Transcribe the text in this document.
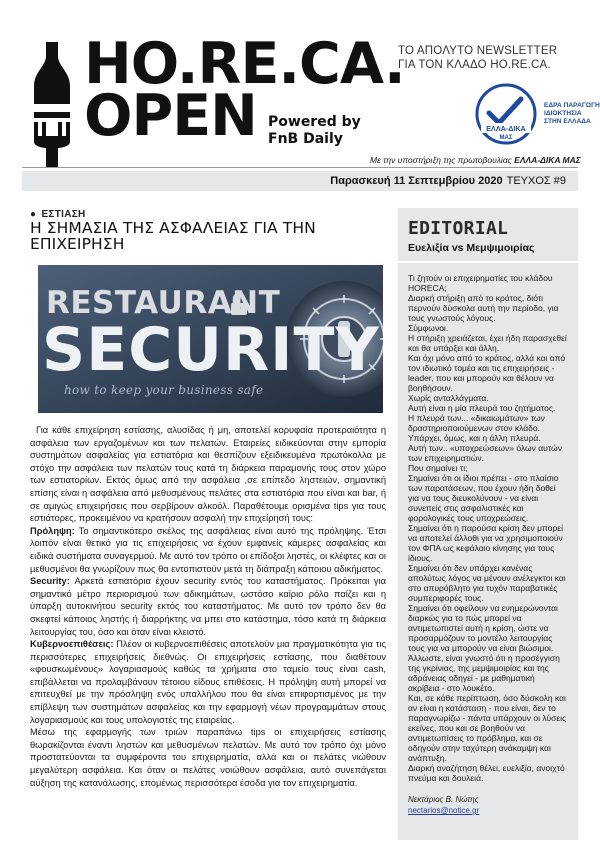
HO.RE.CA.
OPEN Powered by
FnB Daily
ΤΟ ΑΠΟΛΥΤΟ NEWSLETTER
ΓΙΑ ΤΟΝ ΚΛΑΔΟ HO.RE.CA.
ΕΛΛΑ-ΔΙΚΑ
ΜΑΣ
ΕΔΡΑ ΠΑΡΑΓΩΓΗ ΙΔΙΟΚΤΗΣΙΑ ΣΤΗΝ ΕΛΛΑΔΑ
Με την υποστήριξη της πρωτοβουλίας ΕΛΛΑ-ΔΙΚΑ ΜΑΣ
Παρασκευή 11 Σεπτεμβρίου 2020 ΤΕΥΧΟΣ #9
● ΕΣΤΙΑΣΗ
Η ΣΗΜΑΣΙΑ ΤΗΣ ΑΣΦΑΛΕΙΑΣ ΓΙΑ ΤΗΝ ΕΠΙΧΕΙΡΗΣΗ
RESTAURANT
SECURITY
how to keep your business safe

Για κάθε επιχείρηση εστίασης, αλυσίδας ή μη, αποτελεί κορυφαία προτεραιότητα η ασφάλεια των εργαζομένων και των πελατών. Εταιρείες ειδικεύονται στην εμπορία συστημάτων ασφαλείας για εστιατόρια και θεσπίζουν εξειδικευμένα πρωτόκολλα με στόχο την ασφάλεια των πελατών τους κατά τη διάρκεια παραμονής τους στον χώρο των εστιατορίων. Εκτός όμως από την ασφάλεια ,σε επίπεδο ληστειών, σημαντική επίσης είναι η ασφάλεια από μεθυσμένους πελάτες στα εστιατόρια που είναι και bar, ή σε αμιγώς επιχειρήσεις που σερβίρουν αλκοόλ. Παραθέτουμε ορισμένα tips για τους εστιάτορες, προκειμένου να κρατήσουν ασφαλή την επιχείρησή τους:

Πρόληψη: Το σημαντικότερο σκέλος της ασφάλειας είναι αυτό της πρόληψης. Έτσι λοιπόν είναι θετικό για τις επιχειρήσεις να έχουν εμφανείς κάμερες ασφαλείας και ειδικά συστήματα συναγερμού. Με αυτό τον τρόπο οι επίδοξοι ληστές, οι κλέφτες και οι μεθυσμένοι θα γνωρίζουν πως θα εντοπιστούν μετά τη διάπραξη κάποιου αδικήματος.

Security: Αρκετά εστιατόρια έχουν security εντός του καταστήματος. Πρόκειται για σημαντικό μέτρο περιορισμού των αδικημάτων, ωστόσο καίριο ρόλο παίζει και η ύπαρξη αυτοκινήτου security εκτός του καταστήματος. Με αυτό τον τρόπο δεν θα σκεφτεί κάποιος ληστής ή διαρρήκτης να μπει στο κατάστημα, τόσο κατά τη διάρκεια λειτουργίας του, όσο και όταν είναι κλειστό.

Κυβερνοεπιθέσεις: Πλέον οι κυβερνοεπιθέσεις αποτελούν μια πραγματικότητα για τις περισσότερες επιχειρήσεις διεθνώς. Οι επιχειρήσεις εστίασης, που διαθέτουν «φουσκωμένους» λογαριασμούς καθώς τα χρήματα στο ταμείο τους είναι cash, επιβάλλεται να προλαμβάνουν τέτοιου είδους επιθέσεις. Η πρόληψη αυτή μπορεί να επιτευχθεί με την πρόσληψη ενός υπαλλήλου που θα είναι επιφορτισμένος με την επίβλεψη των συστημάτων ασφαλείας και την εφαρμογή νέων προγραμμάτων στους λογαριασμούς και τους υπολογιστές της εταιρείας.

Μέσω της εφαρμογής των τριών παραπάνω tips οι επιχειρήσεις εστίασης θωρακίζονται έναντι ληστών και μεθυσμένων πελατών. Με αυτό τον τρόπο όχι μόνο προστατεύονται τα συμφέροντα του επιχειρηματία, αλλά και οι πελάτες νιώθουν μεγαλύτερη ασφάλεια. Και όταν οι πελάτες νοιώθουν ασφάλεια, αυτό συνεπάγεται αύξηση της κατανάλωσης, επομένως περισσότερα έσοδα για τον επιχειρηματία.

EDITORIAL
Ευελιξία vs Μεμψιμοιρίας

Τι ζητούν οι επιχειρηματίες του κλάδου HORECA;

Διαρκή στήριξη από το κράτος, διότι περνούν δύσκολα αυτή την περίοδο, για τους γνωστούς λόγους.

Σύμφωνοι.

Η στήριξη χρειάζεται, έχει ήδη παρασχεθεί και θα υπάρξει και άλλη.

Και όχι μόνο από το κράτος, αλλά και από τον ιδιωτικό τομέα και τις επιχειρήσεις - leader, που και μπορούν και θέλουν να βοηθήσουν.

Χωρίς ανταλλάγματα.

Αυτή είναι η μία πλευρά του ζητήματος.

Η πλευρά των... «δικαιωμάτων» των δραστηριοποιούμενων στον κλάδο.

Υπάρχει, όμως, και η άλλη πλευρά.

Αυτή των.. «υποχρεώσεων» όλων αυτών των επιχειρηματιών.

Που σημαίνει τι;

Σημαίνει ότι οι ίδιοι πρέπει - στο πλαίσιο των παρατάσεων, που έχουν ήδη δοθεί για να τους διευκολύνουν - να είναι συνεπείς στις ασφαλιστικές και φορολογικές τους υποχρεώσεις.

Σημαίνει ότι η παρούσα κρίση δεν μπορεί να αποτελεί άλλοθι για να χρησιμοποιούν τον ΦΠΑ ως κεφάλαιο κίνησης για τους ίδιους.

Σημαίνει ότι δεν υπάρχει κανένας απολύτως λόγος να μένουν ανέλεγκτοι και στο απυρόβλητο για τυχόν παραβατικές συμπεριφορές τους.

Σημαίνει ότι οφείλουν να ενημερώνονται διαρκώς για το πώς μπορεί να αντιμετωπιστεί αυτή η κρίση, ώστε να προσαρμόζουν το μοντέλο λειτουργίας τους για να μπορούν να είναι βιώσιμοι.

Άλλωστε, είναι γνωστό ότι η προσέγγιση της γκρίνιας, της μεμψιμοιρίας και της αδράνειας οδηγεί - με μαθηματική ακρίβεια - στο λουκέτο.

Και, σε κάθε περίπτωση, όσο δύσκολη και αν είναι η κατάσταση - που είναι, δεν το παραγνωρίζω - πάντα υπάρχουν οι λύσεις εκείνες, που και σε βοηθούν να αντιμετωπίσεις το πρόβλημα, και σε οδηγούν στην ταχύτερη ανάκαμψη και ανάπτυξη.

Διαρκή αναζήτηση θέλει, ευελιξία, ανοιχτό πνεύμα και δουλειά.

Νεκτάριος Β. Νώτης
nectarios@notice.gr
